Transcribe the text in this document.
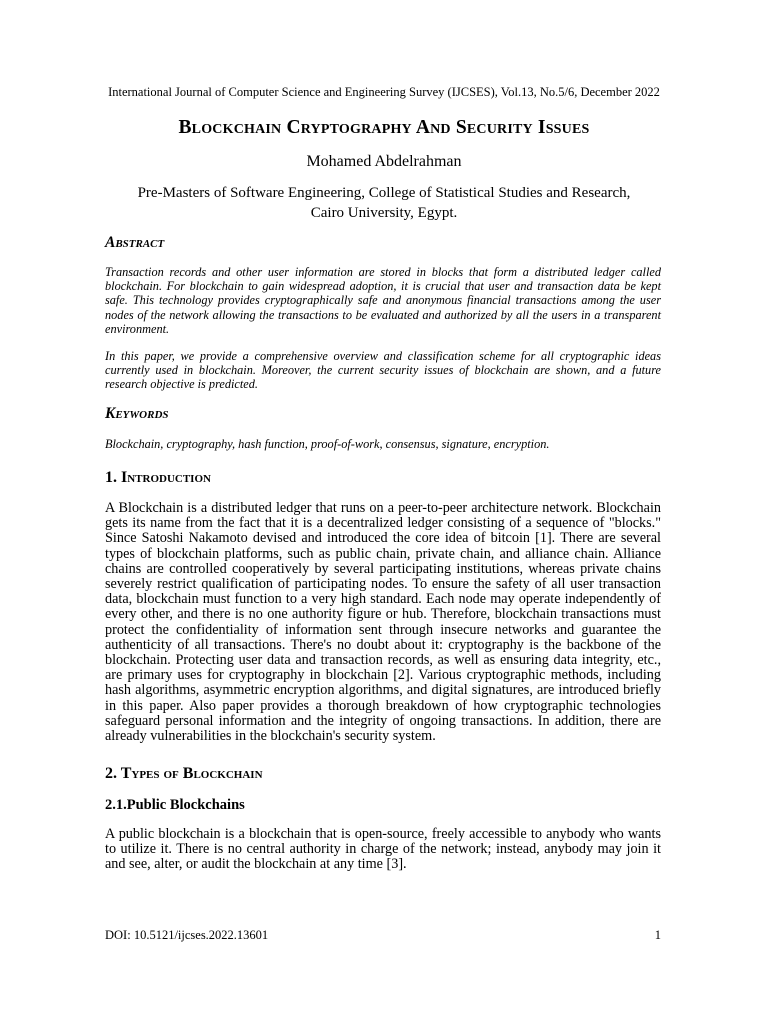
International Journal of Computer Science and Engineering Survey (IJCSES), Vol.13, No.5/6, December 2022
Blockchain Cryptography And Security Issues
Mohamed Abdelrahman
Pre-Masters of Software Engineering, College of Statistical Studies and Research,
Cairo University, Egypt.
Abstract
Transaction records and other user information are stored in blocks that form a distributed ledger called blockchain. For blockchain to gain widespread adoption, it is crucial that user and transaction data be kept safe. This technology provides cryptographically safe and anonymous financial transactions among the user nodes of the network allowing the transactions to be evaluated and authorized by all the users in a transparent environment.
In this paper, we provide a comprehensive overview and classification scheme for all cryptographic ideas currently used in blockchain. Moreover, the current security issues of blockchain are shown, and a future research objective is predicted.
Keywords
Blockchain, cryptography, hash function, proof-of-work, consensus, signature, encryption.
1. Introduction
A Blockchain is a distributed ledger that runs on a peer-to-peer architecture network. Blockchain gets its name from the fact that it is a decentralized ledger consisting of a sequence of "blocks." Since Satoshi Nakamoto devised and introduced the core idea of bitcoin [1]. There are several types of blockchain platforms, such as public chain, private chain, and alliance chain. Alliance chains are controlled cooperatively by several participating institutions, whereas private chains severely restrict qualification of participating nodes. To ensure the safety of all user transaction data, blockchain must function to a very high standard. Each node may operate independently of every other, and there is no one authority figure or hub. Therefore, blockchain transactions must protect the confidentiality of information sent through insecure networks and guarantee the authenticity of all transactions. There's no doubt about it: cryptography is the backbone of the blockchain. Protecting user data and transaction records, as well as ensuring data integrity, etc., are primary uses for cryptography in blockchain [2]. Various cryptographic methods, including hash algorithms, asymmetric encryption algorithms, and digital signatures, are introduced briefly in this paper. Also paper provides a thorough breakdown of how cryptographic technologies safeguard personal information and the integrity of ongoing transactions. In addition, there are already vulnerabilities in the blockchain's security system.
2. Types of Blockchain
2.1.Public Blockchains
A public blockchain is a blockchain that is open-source, freely accessible to anybody who wants to utilize it. There is no central authority in charge of the network; instead, anybody may join it and see, alter, or audit the blockchain at any time [3].
DOI: 10.5121/ijcses.2022.13601	1
